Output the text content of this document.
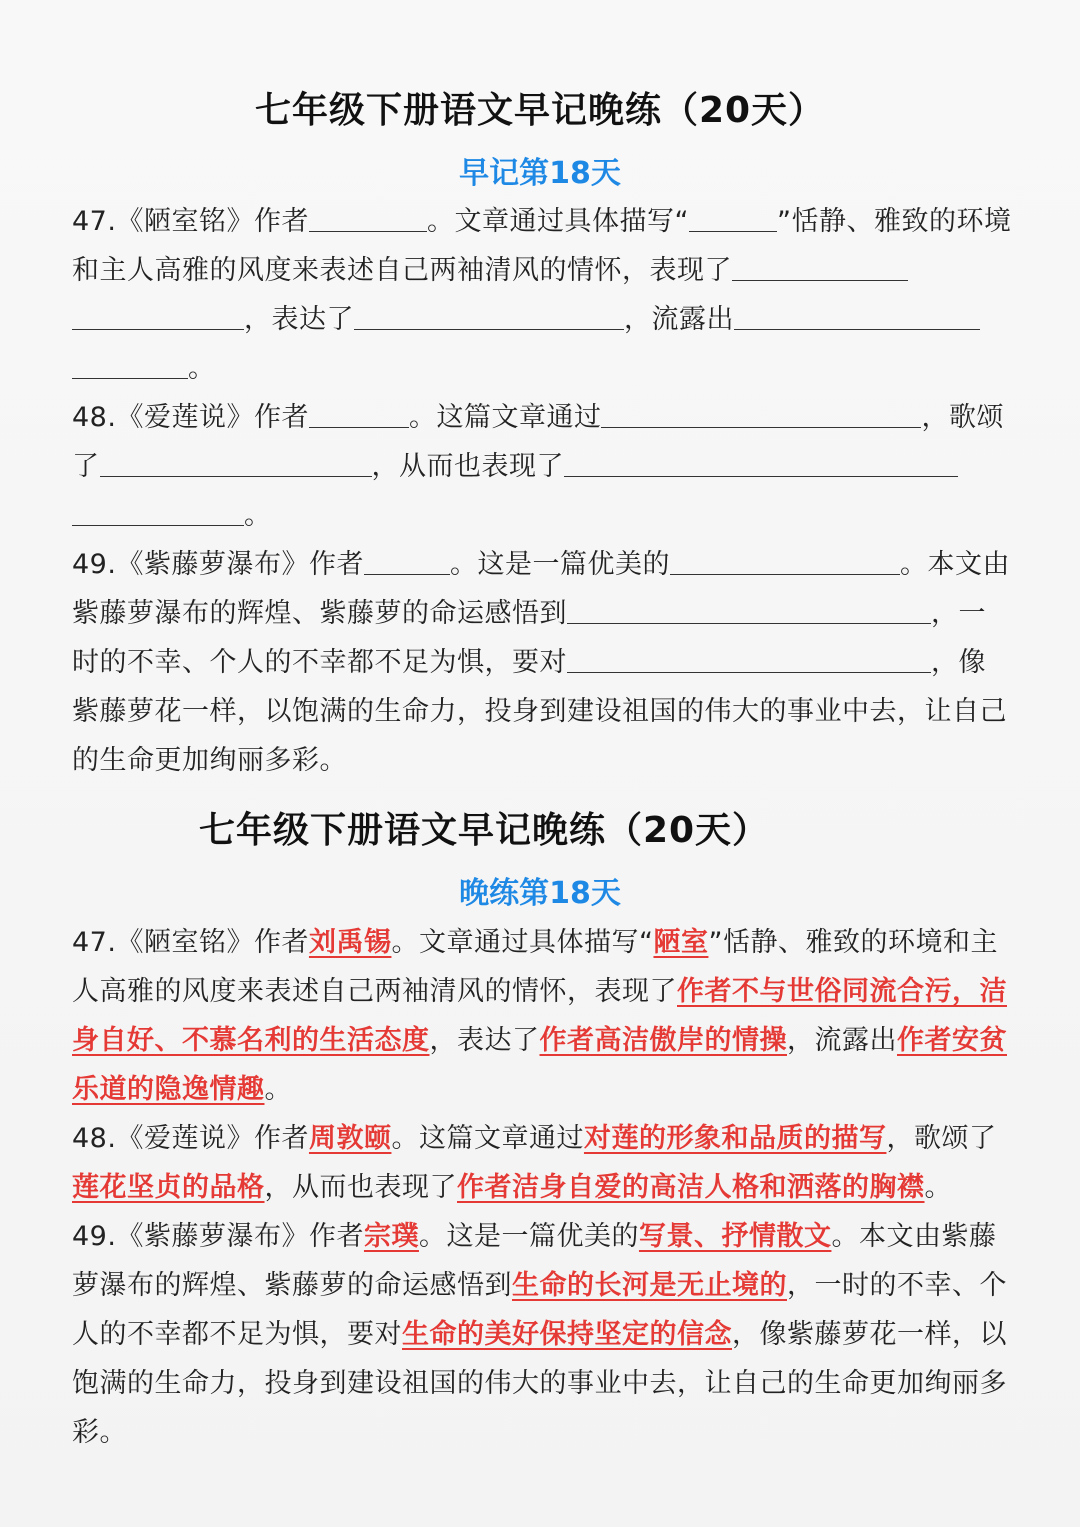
七年级下册语文早记晚练（20天）
早记第18天
47.《陋室铭》作者	。文章通过具体描写“	”恬静、雅致的环境和主人高雅的风度来表述自己两袖清风的情怀，表现了，表达了	，流露出。
48.《爱莲说》作者	。这篇文章通过	，歌颂了	，从而也表现了。
49.《紫藤萝瀑布》作者	。这是一篇优美的	。本文由紫藤萝瀑布的辉煌、紫藤萝的命运感悟到	，一时的不幸、个人的不幸都不足为惧，要对	，像紫藤萝花一样，以饱满的生命力，投身到建设祖国的伟大的事业中去，让自己的生命更加绚丽多彩。
七年级下册语文早记晚练（20天）
晚练第18天
47.《陋室铭》作者刘禹锡。文章通过具体描写“陋室”恬静、雅致的环境和主人高雅的风度来表述自己两袖清风的情怀，表现了作者不与世俗同流合污，洁身自好、不慕名利的生活态度，表达了作者高洁傲岸的情操，流露出作者安贫乐道的隐逸情趣。
48.《爱莲说》作者周敦颐。这篇文章通过对莲的形象和品质的描写，歌颂了莲花坚贞的品格，从而也表现了作者洁身自爱的高洁人格和洒落的胸襟。
49.《紫藤萝瀑布》作者宗璞。这是一篇优美的写景、抒情散文。本文由紫藤萝瀑布的辉煌、紫藤萝的命运感悟到生命的长河是无止境的，一时的不幸、个人的不幸都不足为惧，要对生命的美好保持坚定的信念，像紫藤萝花一样，以饱满的生命力，投身到建设祖国的伟大的事业中去，让自己的生命更加绚丽多彩。
